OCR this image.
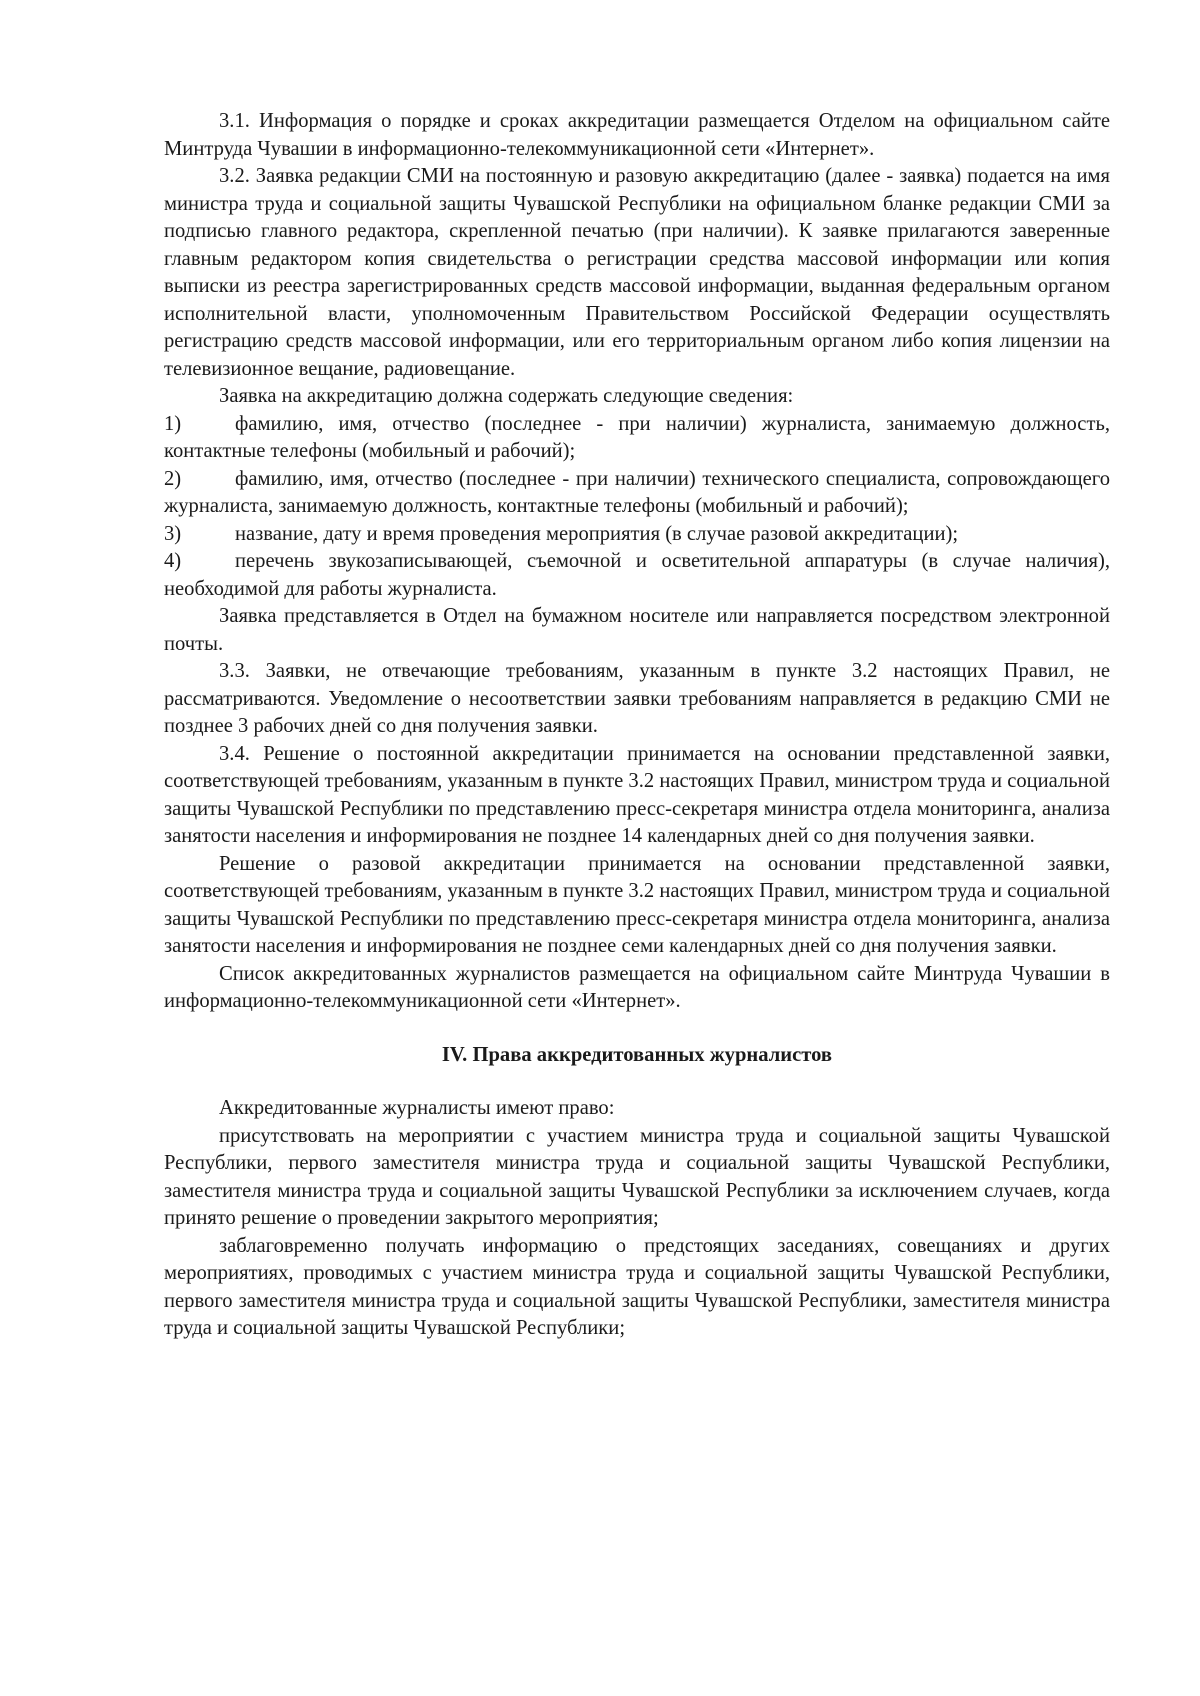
3.1. Информация о порядке и сроках аккредитации размещается Отделом на официальном сайте Минтруда Чувашии в информационно-телекоммуникационной сети «Интернет».

3.2. Заявка редакции СМИ на постоянную и разовую аккредитацию (далее - заявка) подается на имя министра труда и социальной защиты Чувашской Республики на официальном бланке редакции СМИ за подписью главного редактора, скрепленной печатью (при наличии). К заявке прилагаются заверенные главным редактором копия свидетельства о регистрации средства массовой информации или копия выписки из реестра зарегистрированных средств массовой информации, выданная федеральным органом исполнительной власти, уполномоченным Правительством Российской Федерации осуществлять регистрацию средств массовой информации, или его территориальным органом либо копия лицензии на телевизионное вещание, радиовещание.

Заявка на аккредитацию должна содержать следующие сведения:

1)	фамилию, имя, отчество (последнее - при наличии) журналиста, занимаемую должность, контактные телефоны (мобильный и рабочий);

2)	фамилию, имя, отчество (последнее - при наличии) технического специалиста, сопровождающего журналиста, занимаемую должность, контактные телефоны (мобильный и рабочий);

3)	название, дату и время проведения мероприятия (в случае разовой аккредитации);

4)	перечень звукозаписывающей, съемочной и осветительной аппаратуры (в случае наличия), необходимой для работы журналиста.

Заявка представляется в Отдел на бумажном носителе или направляется посредством электронной почты.

3.3. Заявки, не отвечающие требованиям, указанным в пункте 3.2 настоящих Правил, не рассматриваются. Уведомление о несоответствии заявки требованиям направляется в редакцию СМИ не позднее 3 рабочих дней со дня получения заявки.

3.4. Решение о постоянной аккредитации принимается на основании представленной заявки, соответствующей требованиям, указанным в пункте 3.2 настоящих Правил, министром труда и социальной защиты Чувашской Республики по представлению пресс-секретаря министра отдела мониторинга, анализа занятости населения и информирования не позднее 14 календарных дней со дня получения заявки.

Решение о разовой аккредитации принимается на основании представленной заявки, соответствующей требованиям, указанным в пункте 3.2 настоящих Правил, министром труда и социальной защиты Чувашской Республики по представлению пресс-секретаря министра отдела мониторинга, анализа занятости населения и информирования не позднее семи календарных дней со дня получения заявки.

Список аккредитованных журналистов размещается на официальном сайте Минтруда Чувашии в информационно-телекоммуникационной сети «Интернет».

IV. Права аккредитованных журналистов

Аккредитованные журналисты имеют право:

присутствовать на мероприятии с участием министра труда и социальной защиты Чувашской Республики, первого заместителя министра труда и социальной защиты Чувашской Республики, заместителя министра труда и социальной защиты Чувашской Республики за исключением случаев, когда принято решение о проведении закрытого мероприятия;

заблаговременно получать информацию о предстоящих заседаниях, совещаниях и других мероприятиях, проводимых с участием министра труда и социальной защиты Чувашской Республики, первого заместителя министра труда и социальной защиты Чувашской Республики, заместителя министра труда и социальной защиты Чувашской Республики;
